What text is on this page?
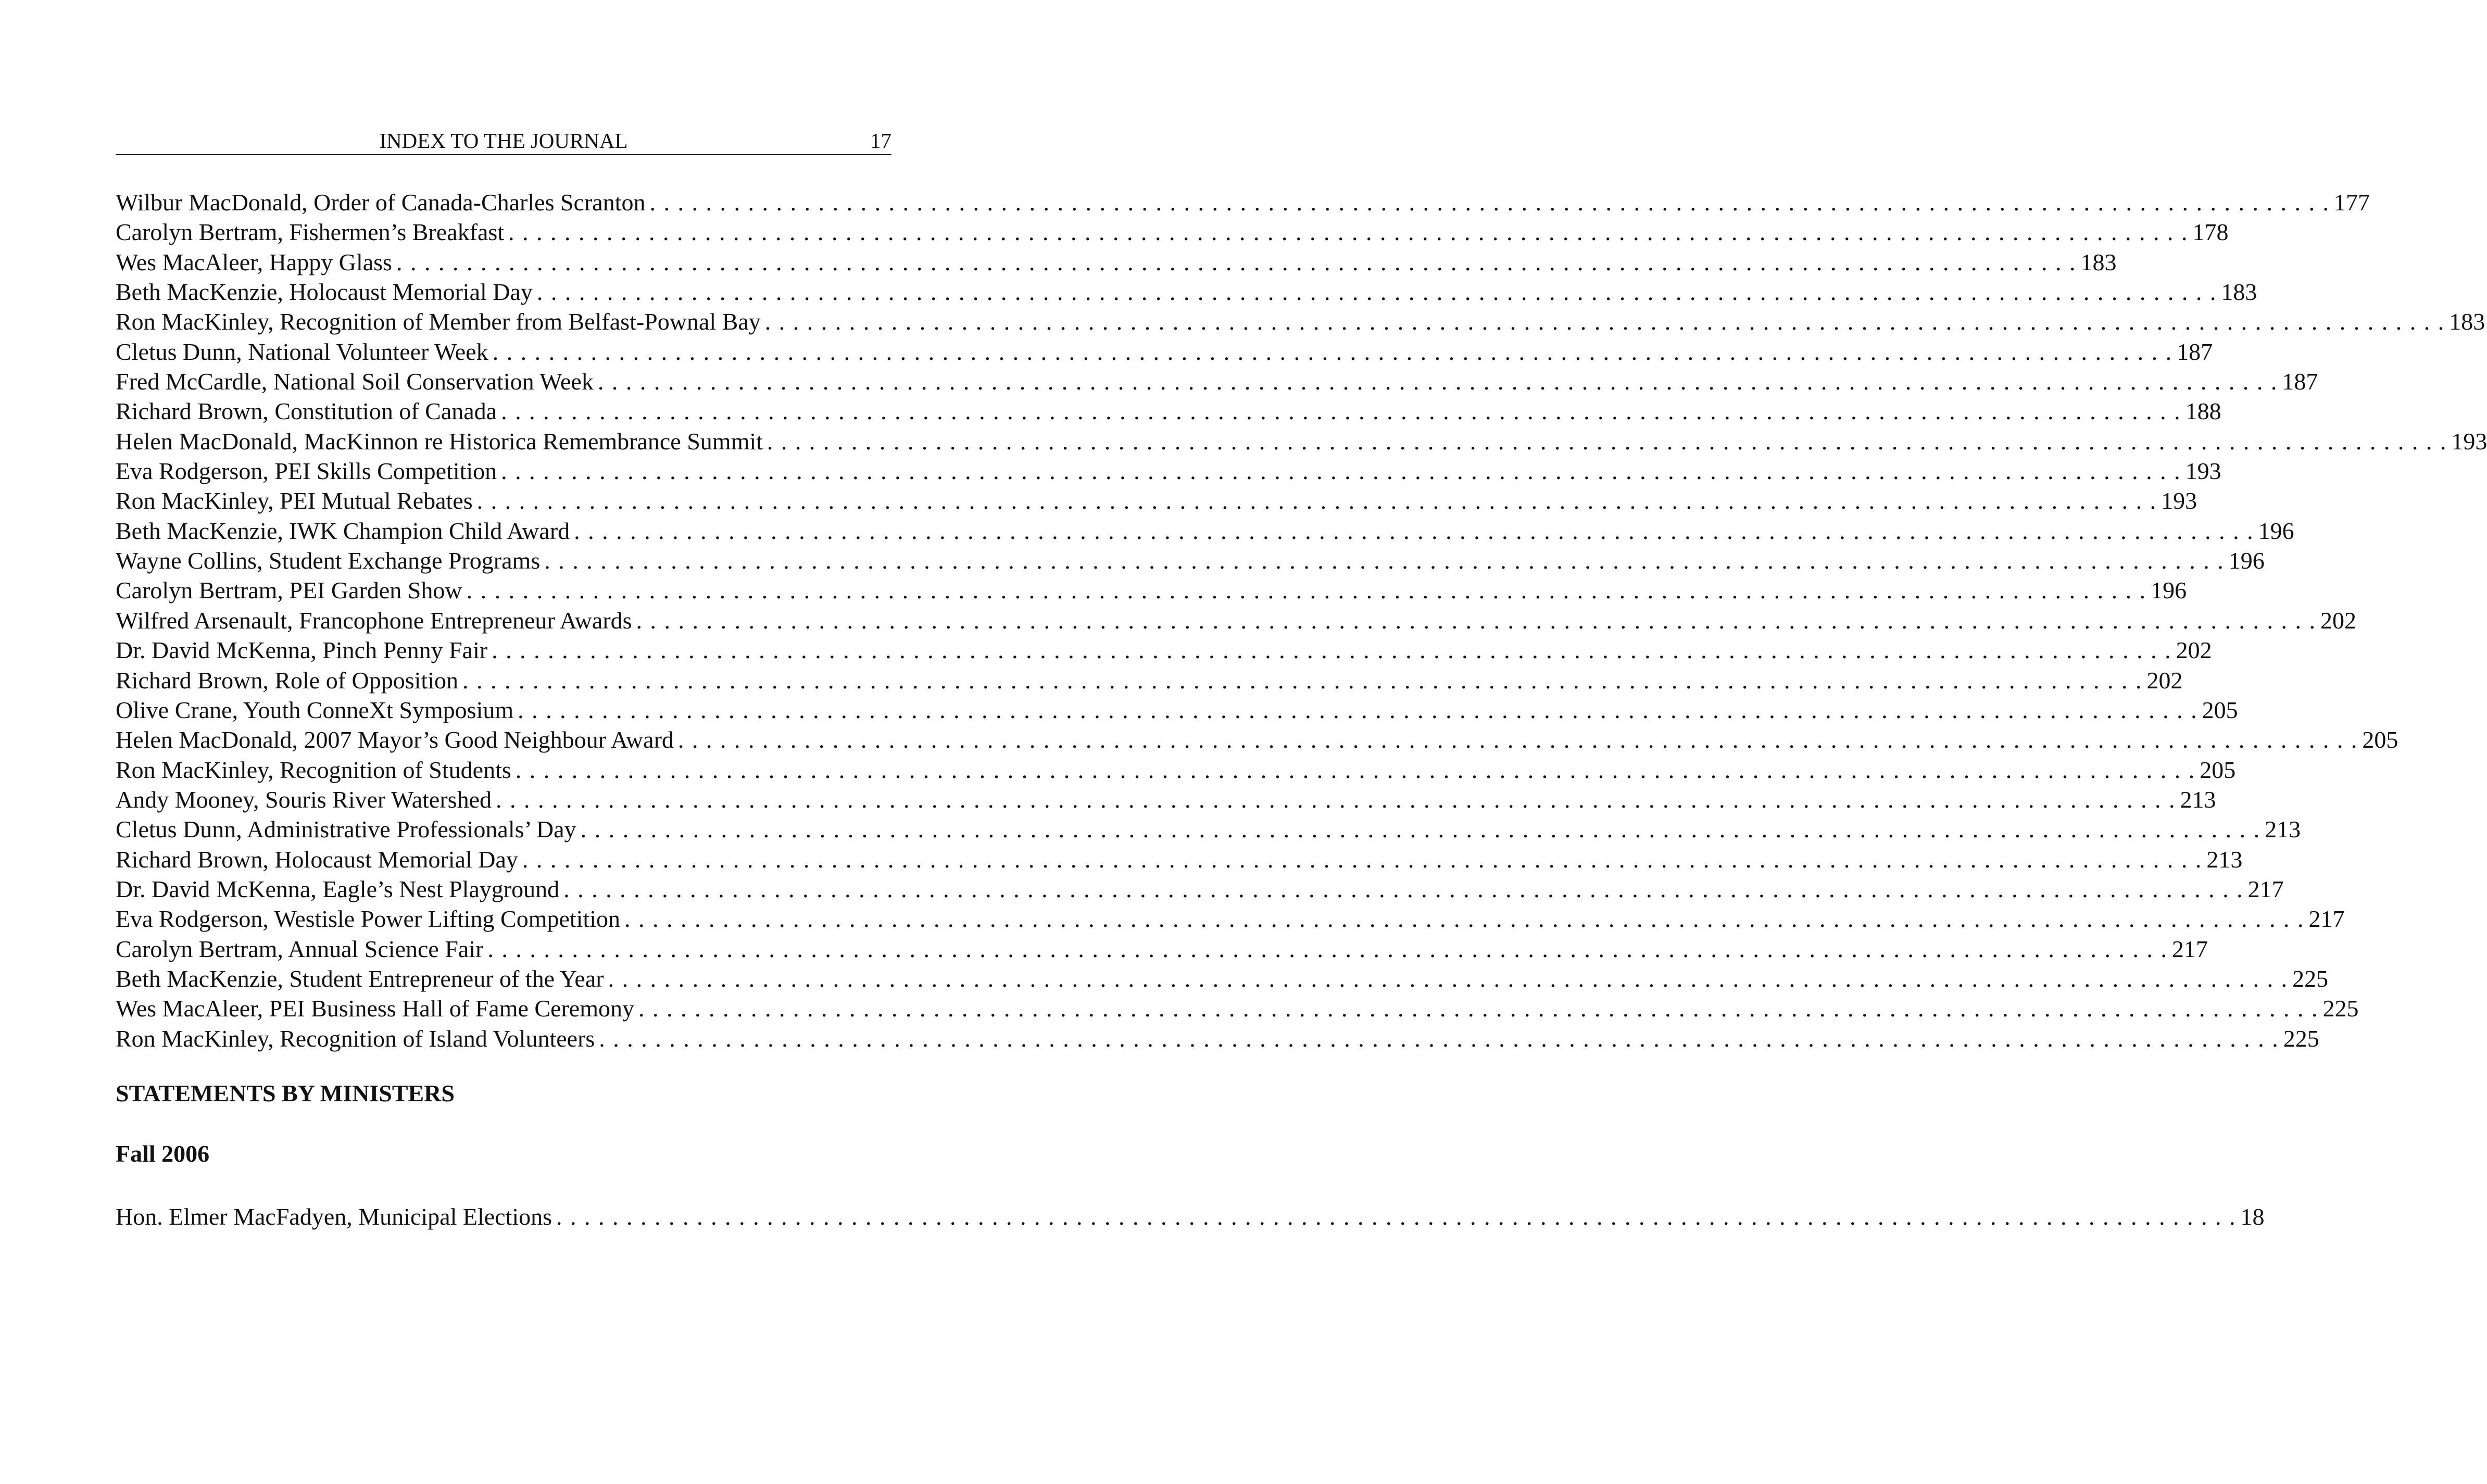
INDEX TO THE JOURNAL	17
Wilbur MacDonald, Order of Canada-Charles Scranton . . . . . . . . . . . . . . . . . . . . . . . . . . . . . . . . . . . . . . . . . . . . . . . . . . . . . . . . . . . . . . . . . . . . . . . . . . . . . . . . . . . . . . . . . . . . . . . . . . . . . . . . . . . . . . . . . . . . . . . . 177
Carolyn Bertram, Fishermen’s Breakfast . . . . . . . . . . . . . . . . . . . . . . . . . . . . . . . . . . . . . . . . . . . . . . . . . . . . . . . . . . . . . . . . . . . . . . . . . . . . . . . . . . . . . . . . . . . . . . . . . . . . . . . . . . . . . . . . . . . . . . . . 178
Wes MacAleer, Happy Glass . . . . . . . . . . . . . . . . . . . . . . . . . . . . . . . . . . . . . . . . . . . . . . . . . . . . . . . . . . . . . . . . . . . . . . . . . . . . . . . . . . . . . . . . . . . . . . . . . . . . . . . . . . . . . . . . . . . . . . . . 183
Beth MacKenzie, Holocaust Memorial Day . . . . . . . . . . . . . . . . . . . . . . . . . . . . . . . . . . . . . . . . . . . . . . . . . . . . . . . . . . . . . . . . . . . . . . . . . . . . . . . . . . . . . . . . . . . . . . . . . . . . . . . . . . . . . . . . . . . . . . . . 183
Ron MacKinley, Recognition of Member from Belfast-Pownal Bay . . . . . . . . . . . . . . . . . . . . . . . . . . . . . . . . . . . . . . . . . . . . . . . . . . . . . . . . . . . . . . . . . . . . . . . . . . . . . . . . . . . . . . . . . . . . . . . . . . . . . . . . . . . . . . . . . . . . . . . . 183
Cletus Dunn, National Volunteer Week . . . . . . . . . . . . . . . . . . . . . . . . . . . . . . . . . . . . . . . . . . . . . . . . . . . . . . . . . . . . . . . . . . . . . . . . . . . . . . . . . . . . . . . . . . . . . . . . . . . . . . . . . . . . . . . . . . . . . . . . 187
Fred McCardle, National Soil Conservation Week . . . . . . . . . . . . . . . . . . . . . . . . . . . . . . . . . . . . . . . . . . . . . . . . . . . . . . . . . . . . . . . . . . . . . . . . . . . . . . . . . . . . . . . . . . . . . . . . . . . . . . . . . . . . . . . . . . . . . . . . 187
Richard Brown, Constitution of Canada . . . . . . . . . . . . . . . . . . . . . . . . . . . . . . . . . . . . . . . . . . . . . . . . . . . . . . . . . . . . . . . . . . . . . . . . . . . . . . . . . . . . . . . . . . . . . . . . . . . . . . . . . . . . . . . . . . . . . . . . 188
Helen MacDonald, MacKinnon re Historica Remembrance Summit . . . . . . . . . . . . . . . . . . . . . . . . . . . . . . . . . . . . . . . . . . . . . . . . . . . . . . . . . . . . . . . . . . . . . . . . . . . . . . . . . . . . . . . . . . . . . . . . . . . . . . . . . . . . . . . . . . . . . . . . 193
Eva Rodgerson, PEI Skills Competition . . . . . . . . . . . . . . . . . . . . . . . . . . . . . . . . . . . . . . . . . . . . . . . . . . . . . . . . . . . . . . . . . . . . . . . . . . . . . . . . . . . . . . . . . . . . . . . . . . . . . . . . . . . . . . . . . . . . . . . . 193
Ron MacKinley, PEI Mutual Rebates . . . . . . . . . . . . . . . . . . . . . . . . . . . . . . . . . . . . . . . . . . . . . . . . . . . . . . . . . . . . . . . . . . . . . . . . . . . . . . . . . . . . . . . . . . . . . . . . . . . . . . . . . . . . . . . . . . . . . . . . 193
Beth MacKenzie, IWK Champion Child Award . . . . . . . . . . . . . . . . . . . . . . . . . . . . . . . . . . . . . . . . . . . . . . . . . . . . . . . . . . . . . . . . . . . . . . . . . . . . . . . . . . . . . . . . . . . . . . . . . . . . . . . . . . . . . . . . . . . . . . . . 196
Wayne Collins, Student Exchange Programs . . . . . . . . . . . . . . . . . . . . . . . . . . . . . . . . . . . . . . . . . . . . . . . . . . . . . . . . . . . . . . . . . . . . . . . . . . . . . . . . . . . . . . . . . . . . . . . . . . . . . . . . . . . . . . . . . . . . . . . . 196
Carolyn Bertram, PEI Garden Show . . . . . . . . . . . . . . . . . . . . . . . . . . . . . . . . . . . . . . . . . . . . . . . . . . . . . . . . . . . . . . . . . . . . . . . . . . . . . . . . . . . . . . . . . . . . . . . . . . . . . . . . . . . . . . . . . . . . . . . . 196
Wilfred Arsenault, Francophone Entrepreneur Awards . . . . . . . . . . . . . . . . . . . . . . . . . . . . . . . . . . . . . . . . . . . . . . . . . . . . . . . . . . . . . . . . . . . . . . . . . . . . . . . . . . . . . . . . . . . . . . . . . . . . . . . . . . . . . . . . . . . . . . . . 202
Dr. David McKenna, Pinch Penny Fair . . . . . . . . . . . . . . . . . . . . . . . . . . . . . . . . . . . . . . . . . . . . . . . . . . . . . . . . . . . . . . . . . . . . . . . . . . . . . . . . . . . . . . . . . . . . . . . . . . . . . . . . . . . . . . . . . . . . . . . . 202
Richard Brown, Role of Opposition . . . . . . . . . . . . . . . . . . . . . . . . . . . . . . . . . . . . . . . . . . . . . . . . . . . . . . . . . . . . . . . . . . . . . . . . . . . . . . . . . . . . . . . . . . . . . . . . . . . . . . . . . . . . . . . . . . . . . . . . 202
Olive Crane, Youth ConneXt Symposium . . . . . . . . . . . . . . . . . . . . . . . . . . . . . . . . . . . . . . . . . . . . . . . . . . . . . . . . . . . . . . . . . . . . . . . . . . . . . . . . . . . . . . . . . . . . . . . . . . . . . . . . . . . . . . . . . . . . . . . . 205
Helen MacDonald, 2007 Mayor’s Good Neighbour Award . . . . . . . . . . . . . . . . . . . . . . . . . . . . . . . . . . . . . . . . . . . . . . . . . . . . . . . . . . . . . . . . . . . . . . . . . . . . . . . . . . . . . . . . . . . . . . . . . . . . . . . . . . . . . . . . . . . . . . . . 205
Ron MacKinley, Recognition of Students . . . . . . . . . . . . . . . . . . . . . . . . . . . . . . . . . . . . . . . . . . . . . . . . . . . . . . . . . . . . . . . . . . . . . . . . . . . . . . . . . . . . . . . . . . . . . . . . . . . . . . . . . . . . . . . . . . . . . . . . 205
Andy Mooney, Souris River Watershed . . . . . . . . . . . . . . . . . . . . . . . . . . . . . . . . . . . . . . . . . . . . . . . . . . . . . . . . . . . . . . . . . . . . . . . . . . . . . . . . . . . . . . . . . . . . . . . . . . . . . . . . . . . . . . . . . . . . . . . . 213
Cletus Dunn, Administrative Professionals’ Day . . . . . . . . . . . . . . . . . . . . . . . . . . . . . . . . . . . . . . . . . . . . . . . . . . . . . . . . . . . . . . . . . . . . . . . . . . . . . . . . . . . . . . . . . . . . . . . . . . . . . . . . . . . . . . . . . . . . . . . . 213
Richard Brown, Holocaust Memorial Day . . . . . . . . . . . . . . . . . . . . . . . . . . . . . . . . . . . . . . . . . . . . . . . . . . . . . . . . . . . . . . . . . . . . . . . . . . . . . . . . . . . . . . . . . . . . . . . . . . . . . . . . . . . . . . . . . . . . . . . . 213
Dr. David McKenna, Eagle’s Nest Playground . . . . . . . . . . . . . . . . . . . . . . . . . . . . . . . . . . . . . . . . . . . . . . . . . . . . . . . . . . . . . . . . . . . . . . . . . . . . . . . . . . . . . . . . . . . . . . . . . . . . . . . . . . . . . . . . . . . . . . . . 217
Eva Rodgerson, Westisle Power Lifting Competition . . . . . . . . . . . . . . . . . . . . . . . . . . . . . . . . . . . . . . . . . . . . . . . . . . . . . . . . . . . . . . . . . . . . . . . . . . . . . . . . . . . . . . . . . . . . . . . . . . . . . . . . . . . . . . . . . . . . . . . . 217
Carolyn Bertram, Annual Science Fair . . . . . . . . . . . . . . . . . . . . . . . . . . . . . . . . . . . . . . . . . . . . . . . . . . . . . . . . . . . . . . . . . . . . . . . . . . . . . . . . . . . . . . . . . . . . . . . . . . . . . . . . . . . . . . . . . . . . . . . . 217
Beth MacKenzie, Student Entrepreneur of the Year . . . . . . . . . . . . . . . . . . . . . . . . . . . . . . . . . . . . . . . . . . . . . . . . . . . . . . . . . . . . . . . . . . . . . . . . . . . . . . . . . . . . . . . . . . . . . . . . . . . . . . . . . . . . . . . . . . . . . . . . 225
Wes MacAleer, PEI Business Hall of Fame Ceremony . . . . . . . . . . . . . . . . . . . . . . . . . . . . . . . . . . . . . . . . . . . . . . . . . . . . . . . . . . . . . . . . . . . . . . . . . . . . . . . . . . . . . . . . . . . . . . . . . . . . . . . . . . . . . . . . . . . . . . . . 225
Ron MacKinley, Recognition of Island Volunteers . . . . . . . . . . . . . . . . . . . . . . . . . . . . . . . . . . . . . . . . . . . . . . . . . . . . . . . . . . . . . . . . . . . . . . . . . . . . . . . . . . . . . . . . . . . . . . . . . . . . . . . . . . . . . . . . . . . . . . . . 225
STATEMENTS BY MINISTERS
Fall 2006
Hon. Elmer MacFadyen, Municipal Elections . . . . . . . . . . . . . . . . . . . . . . . . . . . . . . . . . . . . . . . . . . . . . . . . . . . . . . . . . . . . . . . . . . . . . . . . . . . . . . . . . . . . . . . . . . . . . . . . . . . . . . . . . . . . . . . . . . . . . . . . 18
